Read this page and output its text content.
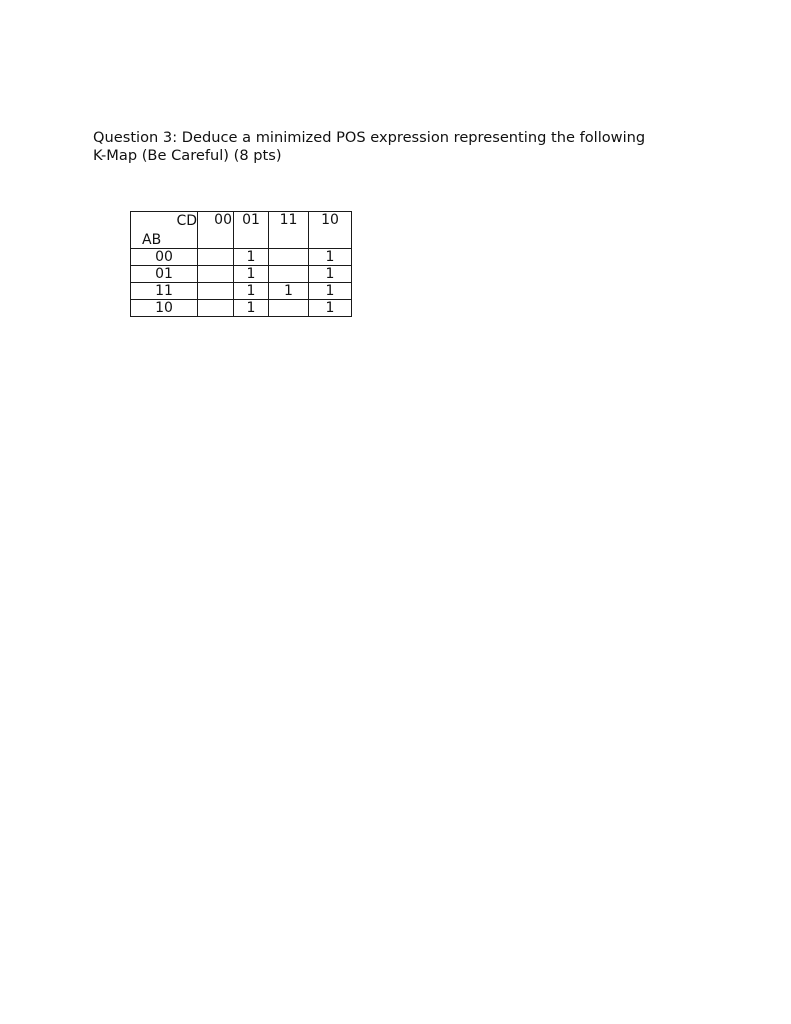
Question 3: Deduce a minimized POS expression representing the following K-Map (Be Careful) (8 pts)

CD
AB	00	01	11	10
00		1		1
01		1		1
11		1	1	1
10		1		1
